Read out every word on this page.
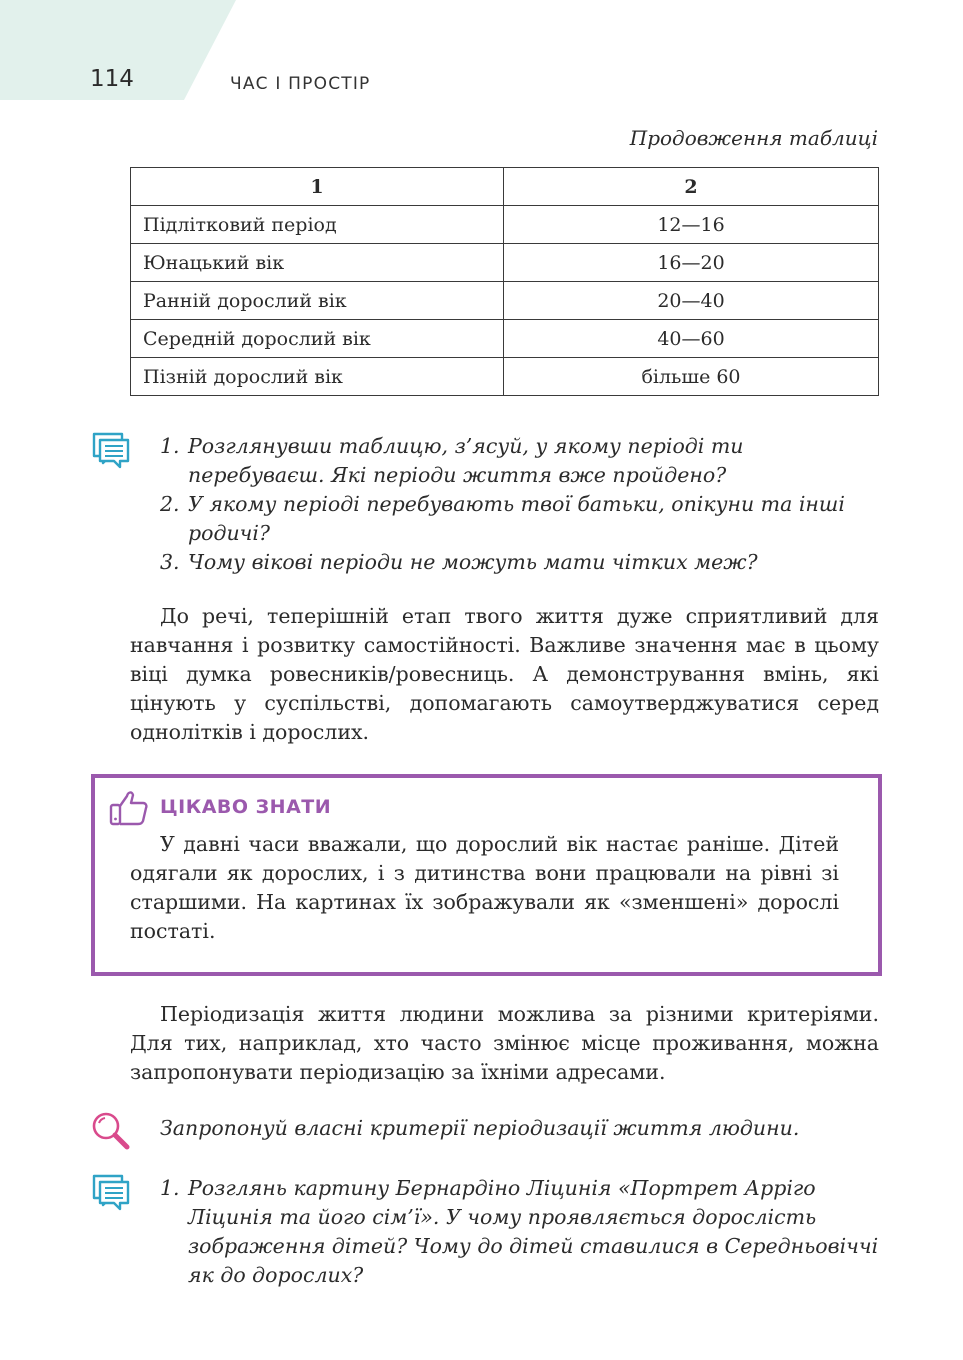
114	ЧАС І ПРОСТІР
Продовження таблиці
1	2
Підлітковий період	12—16
Юнацький вік	16—20
Ранній дорослий вік	20—40
Середній дорослий вік	40—60
Пізній дорослий вік	більше 60
1. Розглянувши таблицю, з’ясуй, у якому періоді ти перебуваєш. Які періоди життя вже пройдено?
2. У якому періоді перебувають твої батьки, опікуни та інші родичі?
3. Чому вікові періоди не можуть мати чітких меж?
До речі, теперішній етап твого життя дуже сприятливий для навчання і розвитку самостійності. Важливе значення має в цьому віці думка ровесників/ровесниць. А демонстрування вмінь, які цінують у суспільстві, допомагають самоутверджуватися серед однолітків і дорослих.
ЦІКАВО ЗНАТИ
У давні часи вважали, що дорослий вік настає раніше. Дітей одягали як дорослих, і з дитинства вони працювали на рівні зі старшими. На картинах їх зображували як «зменшені» дорослі постаті.
Періодизація життя людини можлива за різними критеріями. Для тих, наприклад, хто часто змінює місце проживання, можна запропонувати періодизацію за їхніми адресами.
Запропонуй власні критерії періодизації життя людини.
1. Розглянь картину Бернардіно Ліцинія «Портрет Арріго Ліцинія та його сім’ї». У чому проявляється дорослість зображення дітей? Чому до дітей ставилися в Середньовіччі як до дорослих?
